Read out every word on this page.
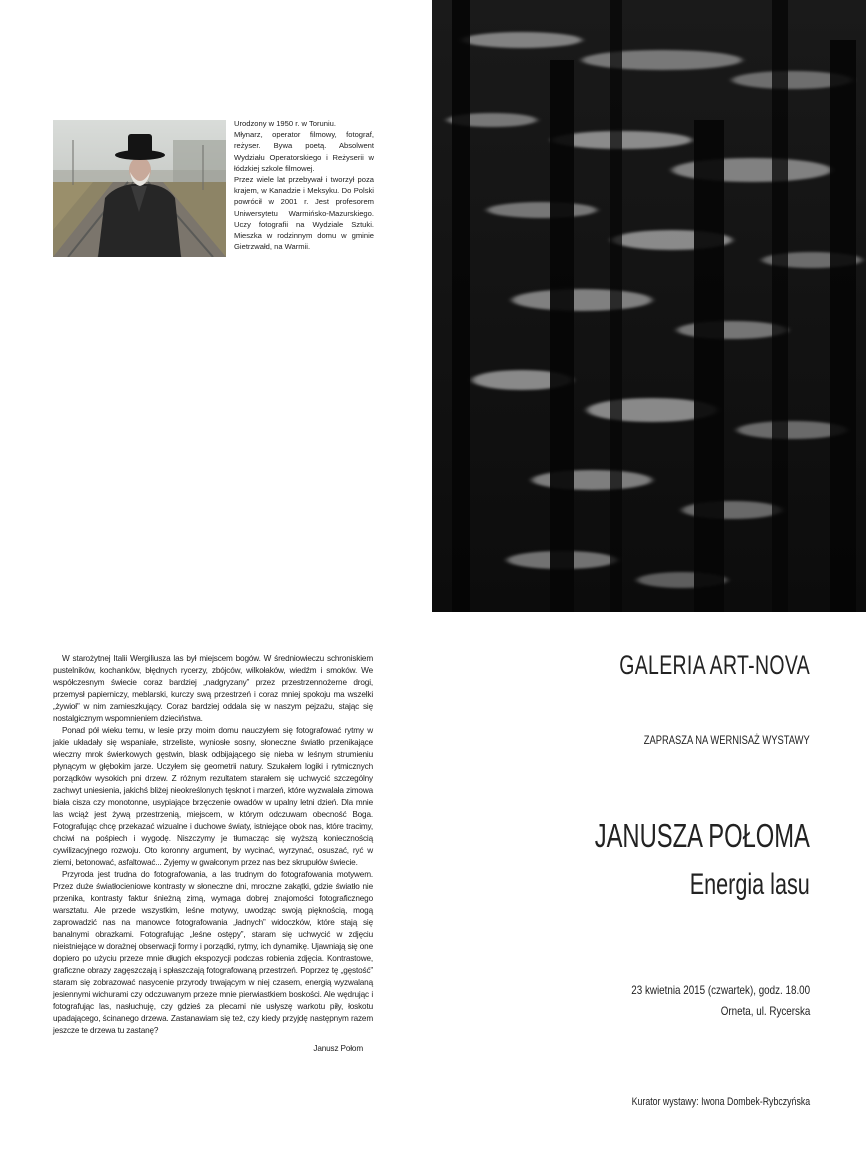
Urodzony w 1950 r. w Toruniu.

Młynarz, operator filmowy, fotograf, reżyser. Bywa poetą. Absolwent Wydziału Operatorskiego i Reżyserii w łódzkiej szkole filmowej.

Przez wiele lat przebywał i tworzył poza krajem, w Kanadzie i Meksyku. Do Polski powrócił w 2001 r. Jest profesorem Uniwersytetu Warmińsko-Mazurskiego. Uczy fotografii na Wydziale Sztuki. Mieszka w rodzinnym domu w gminie Gietrzwałd, na Warmii.

W starożytnej Italii Wergiliusza las był miejscem bogów. W średniowieczu schroniskiem pustelników, kochanków, błędnych rycerzy, zbójców, wilkołaków, wiedźm i smoków. We współczesnym świecie coraz bardziej „nadgryzany” przez przestrzennożerne drogi, przemysł papierniczy, meblarski, kurczy swą przestrzeń i coraz mniej spokoju ma wszelki „żywioł” w nim zamieszkujący. Coraz bardziej oddala się w naszym pejzażu, stając się nostalgicznym wspomnieniem dzieciństwa.

Ponad pół wieku temu, w lesie przy moim domu nauczyłem się fotografować rytmy w jakie układały się wspaniałe, strzeliste, wyniosłe sosny, słoneczne światło przenikające wieczny mrok świerkowych gęstwin, blask odbijającego się nieba w leśnym strumieniu płynącym w głębokim jarze. Uczyłem się geometrii natury. Szukałem logiki i rytmicznych porządków wysokich pni drzew. Z różnym rezultatem starałem się uchwycić szczególny zachwyt uniesienia, jakichś bliżej nieokreślonych tęsknot i marzeń, które wyzwalała zimowa biała cisza czy monotonne, usypiające brzęczenie owadów w upalny letni dzień. Dla mnie las wciąż jest żywą przestrzenią, miejscem, w którym odczuwam obecność Boga. Fotografując chcę przekazać wizualne i duchowe światy, istniejące obok nas, które tracimy, chciwi na pośpiech i wygodę. Niszczymy je tłumacząc się wyższą koniecznością cywilizacyjnego rozwoju. Oto koronny argument, by wycinać, wyrzynać, osuszać, ryć w ziemi, betonować, asfaltować... Żyjemy w gwałconym przez nas bez skrupułów świecie.

Przyroda jest trudna do fotografowania, a las trudnym do fotografowania motywem. Przez duże światłocieniowe kontrasty w słoneczne dni, mroczne zakątki, gdzie światło nie przenika, kontrasty faktur śnieżną zimą, wymaga dobrej znajomości fotograficznego warsztatu. Ale przede wszystkim, leśne motywy, uwodząc swoją pięknością, mogą zaprowadzić nas na manowce fotografowania „ładnych” widoczków, które stają się banalnymi obrazkami. Fotografując „leśne ostępy”, staram się uchwycić w zdjęciu nieistniejące w dorażnej obserwacji formy i porządki, rytmy, ich dynamikę. Ujawniają się one dopiero po użyciu przeze mnie długich ekspozycji podczas robienia zdjęcia. Kontrastowe, graficzne obrazy zagęszczają i spłaszczają fotografowaną przestrzeń. Poprzez tę „gęstość” staram się zobrazować nasycenie przyrody trwającym w niej czasem, energią wyzwalaną jesiennymi wichurami czy odczuwanym przeze mnie pierwiastkiem boskości. Ale wędrując i fotografując las, nasłuchuję, czy gdzieś za plecami nie usłyszę warkotu piły, łoskotu upadającego, ścinanego drzewa. Zastanawiam się też, czy kiedy przyjdę następnym razem jeszcze te drzewa tu zastanę?

Janusz Połom

GALERIA ART-NOVA
ZAPRASZA NA WERNISAŻ WYSTAWY
JANUSZA POŁOMA
Energia lasu
23 kwietnia 2015 (czwartek), godz. 18.00
Orneta, ul. Rycerska
Kurator wystawy: Iwona Dombek-Rybczyńska
